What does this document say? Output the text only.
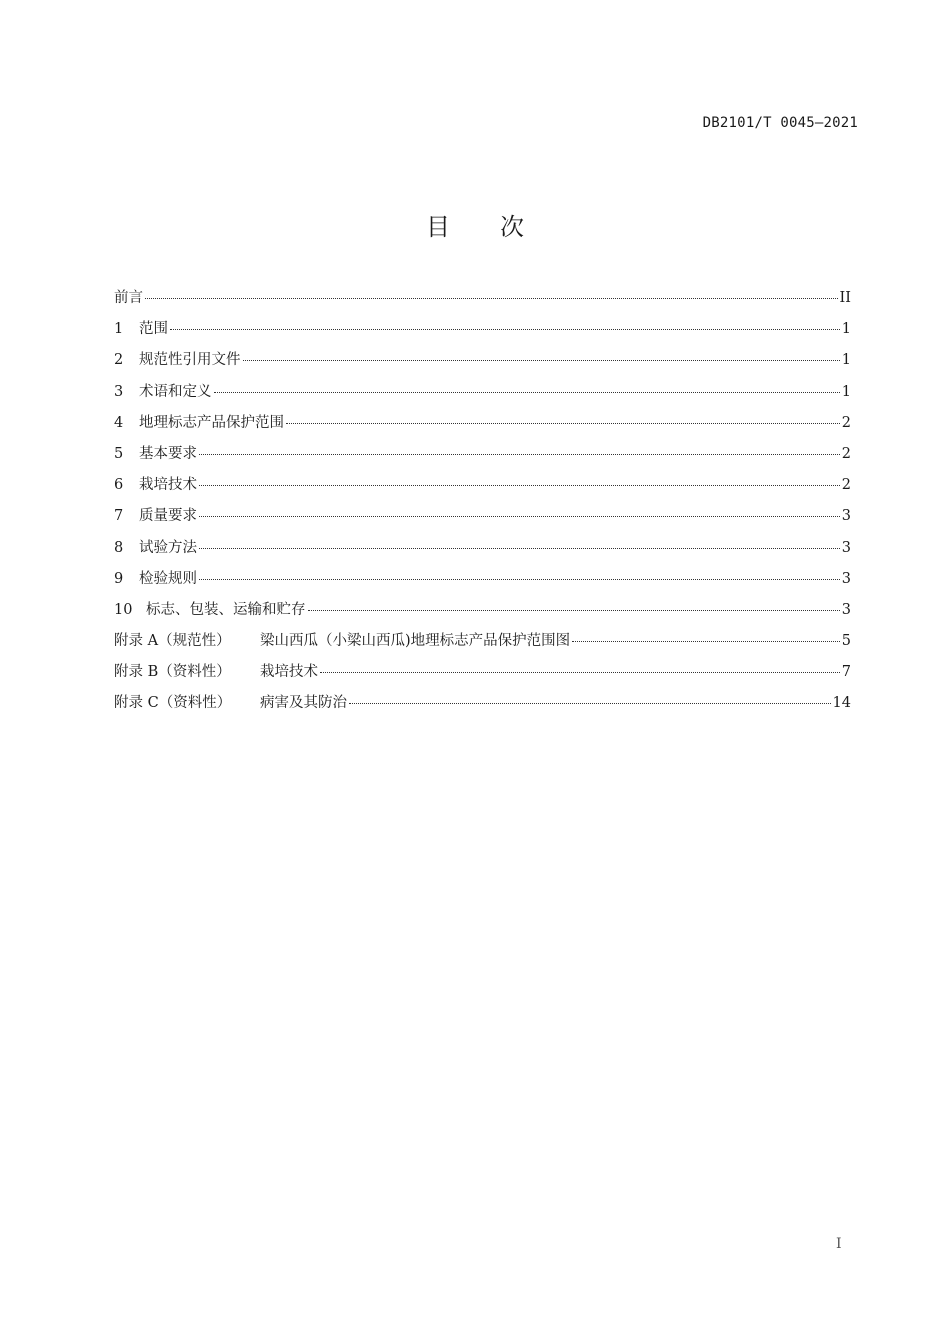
DB2101/T 0045—2021
目 次
前言	II
1	范围	1
2	规范性引用文件	1
3	术语和定义	1
4	地理标志产品保护范围	2
5	基本要求	2
6	栽培技术	2
7	质量要求	3
8	试验方法	3
9	检验规则	3
10 标志、包装、运输和贮存	3
附录 A（规范性）	梁山西瓜（小梁山西瓜)地理标志产品保护范围图	5
附录 B（资料性）	栽培技术	7
附录 C（资料性）	病害及其防治	14
I
